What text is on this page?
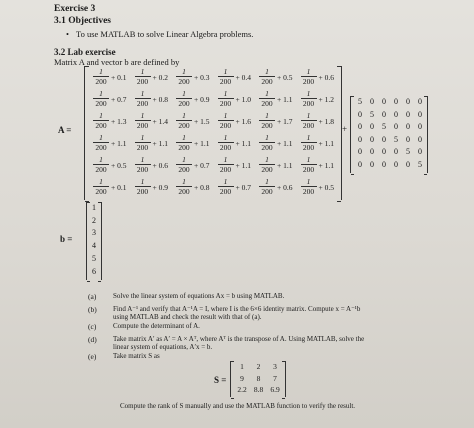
Exercise 3
3.1 Objectives
• To use MATLAB to solve Linear Algebra problems.
3.2 Lab exercise
Matrix A and vector b are defined by
A =
$\frac{1}{200} + 0.1 \frac{1}{200} + 0.2 \frac{1}{200} + 0.3 \frac{1}{200} + 0.4 \frac{1}{200} + 0.5 \frac{1}{200} + 0.6$
$\frac{1}{200} + 0.7 \frac{1}{200} + 0.8 \frac{1}{200} + 0.9 \frac{1}{200} + 1.0 \frac{1}{200} + 1.1 \frac{1}{200} + 1.2$
$\frac{1}{200} + 1.3 \frac{1}{200} + 1.4 \frac{1}{200} + 1.5 \frac{1}{200} + 1.6 \frac{1}{200} + 1.7 \frac{1}{200} + 1.8$
$\frac{1}{200} + 1.1 \frac{1}{200} + 1.1 \frac{1}{200} + 1.1 \frac{1}{200} + 1.1 \frac{1}{200} + 1.1 \frac{1}{200} + 1.1$
$\frac{1}{200} + 0.5 \frac{1}{200} + 0.6 \frac{1}{200} + 0.7 \frac{1}{200} + 1.1 \frac{1}{200} + 1.1 \frac{1}{200} + 1.1$
$\frac{1}{200} + 0.1 \frac{1}{200} + 0.9 \frac{1}{200} + 0.8 \frac{1}{200} + 0.7 \frac{1}{200} + 0.6 \frac{1}{200} + 0.5$
+
5	0	0	0	0	0
0	5	0	0	0	0
0	0	5	0	0	0
0	0	0	5	0	0
0	0	0	0	5	0
0	0	0	0	0	5
b =
1
2
3
4
5
6
(a) Solve the linear system of equations Ax = b using MATLAB.
(b) Find A⁻¹ and verify that A⁻¹A = I, where I is the 6×6 identity matrix. Compute x = A⁻¹b
using MATLAB and check the result with that of (a).
(c) Compute the determinant of A.
(d) Take matrix A′ as A′ = A × Aᵀ, where Aᵀ is the transpose of A. Using MATLAB, solve the
linear system of equations, A′x = b.
(e) Take matrix S as
S =
1	2	3
9	8	7
2.2 8.8 6.9
Compute the rank of S manually and use the MATLAB function to verify the result.
